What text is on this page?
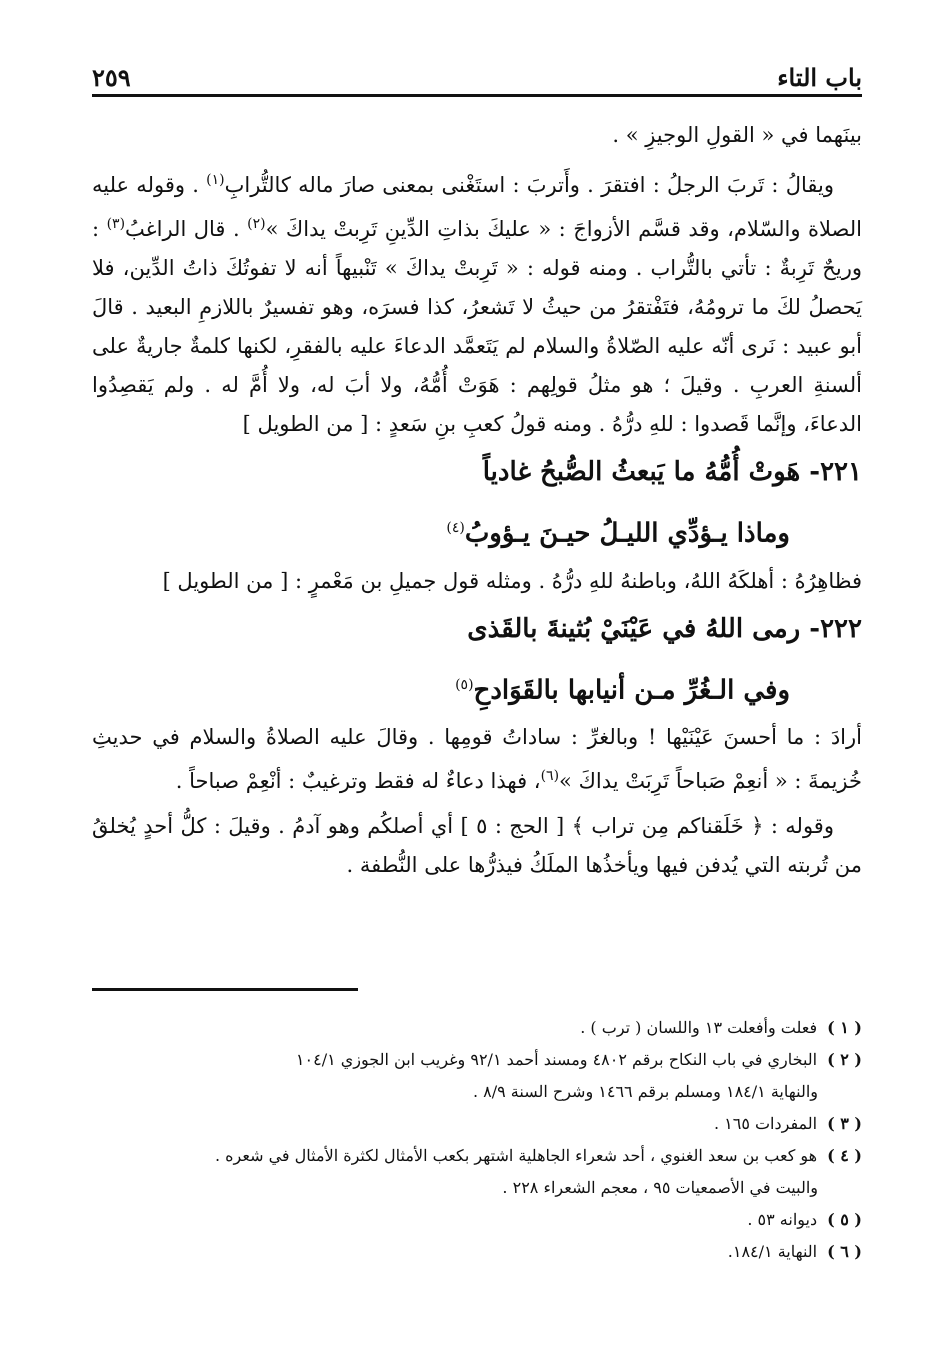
باب التاء
٢٥٩

بينَهما في « القولِ الوجيزِ » .

ويقالُ : تَربَ الرجلُ : افتقرَ . وأَتربَ : استَغْنى بمعنى صارَ ماله كالتُّرابِ$^{(١)}$ . وقوله عليه الصلاة والسّلام، وقد قسَّم الأزواجَ : « عليكَ بذاتِ الدِّينِ تَرِبتْ يداكَ »$^{(٢)}$ . قال الراغبُ$^{(٣)}$ : وريحٌ تَرِبةٌ : تأتي بالتُّراب . ومنه قوله : « تَرِبتْ يداكَ » تَنْبيهاً أنه لا تفوتُكَ ذاتُ الدِّين، فلا يَحصلُ لكَ ما ترومُهُ، فتَفْتقرُ من حيثُ لا تَشعرُ، كذا فسرَه، وهو تفسيرٌ باللازمِ البعيد . قالَ أبو عبيد : نَرى أنّه عليه الصّلاةُ والسلام لم يَتَعمَّد الدعاءَ عليه بالفقرِ، لكنها كلمةٌ جاريةٌ على ألسنةِ العربِ . وقيلَ ؛ هو مثلُ قولِهم : هَوَتْ أُمُّهُ، ولا أبَ له، ولا أُمَّ له . ولم يَقصِدُوا الدعاءَ، وإنَّما قَصدوا : للهِ درُّهُ . ومنه قولُ كعبِ بنِ سَعدٍ : [ من الطويل ]

٢٢١- هَوتْ أُمُّهُ ما يَبعثُ الصُّبحُ غادياً

وماذا يـؤدِّي الليـلُ حيـنَ يـؤوبُ$^{(٤)}$

فظاهِرُهُ : أهلكَهُ اللهُ، وباطنهُ للهِ درُّهُ . ومثله قول جميلِ بن مَعْمرٍ : [ من الطويل ]

٢٢٢- رمى اللهُ في عَيْنَيْ بُثينةَ بالقَذى

وفي الـغُرِّ مـن أنيابها بالقَوَادحِ$^{(٥)}$

أرادَ : ما أحسنَ عَيْنَيْها ! وبالغرِّ : ساداتُ قومِها . وقالَ عليه الصلاةُ والسلام في حديثِ خُزيمةَ : « أنعِمْ صَباحاً تَرِبَتْ يداكَ »$^{(٦)}$، فهذا دعاءٌ له فقط وترغيبٌ : أنْعِمْ صباحاً .

وقوله : ﴿ خَلَقناكم مِن تراب ﴾ [ الحج : ٥ ] أي أصلكُم وهو آدمُ . وقيلَ : كلُّ أحدٍ يُخلقُ من تُربته التي يُدفن فيها ويأخذُها الملَكُ فيذرُّها على النُّطفة .

( ١ )
فعلت وأفعلت ١٣ واللسان ( ترب ) .
( ٢ )
البخاري في باب النكاح برقم ٤٨٠٢ ومسند أحمد ٩٢/١ وغريب ابن الجوزي ١٠٤/١

والنهاية ١٨٤/١ ومسلم برقم ١٤٦٦ وشرح السنة ٨/٩ .

( ٣ )
المفردات ١٦٥ .
( ٤ )
هو كعب بن سعد الغنوي ، أحد شعراء الجاهلية اشتهر بكعب الأمثال لكثرة الأمثال في شعره .

والبيت في الأصمعيات ٩٥ ، معجم الشعراء ٢٢٨ .

( ٥ )
ديوانه ٥٣ .
( ٦ )
النهاية ١٨٤/١.
